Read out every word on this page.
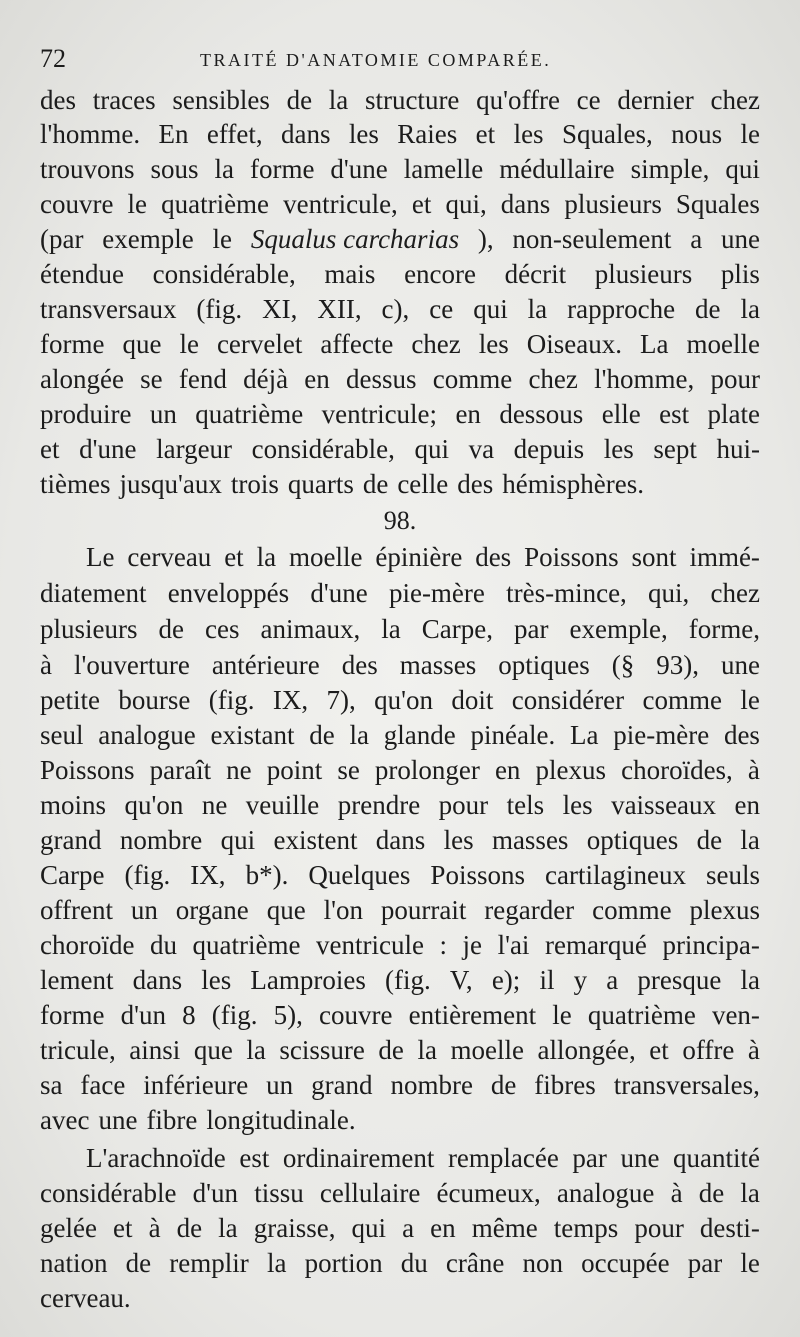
72	TRAITÉ D'ANATOMIE COMPARÉE.
des traces sensibles de la structure qu'offre ce dernier chez
l'homme. En effet, dans les Raies et les Squales, nous le
trouvons sous la forme d'une lamelle médullaire simple, qui
couvre le quatrième ventricule, et qui, dans plusieurs Squales
(par exemple le Squalus carcharias ), non-seulement a une
étendue considérable, mais encore décrit plusieurs plis
transversaux (fig. XI, XII, c), ce qui la rapproche de la
forme que le cervelet affecte chez les Oiseaux. La moelle
alongée se fend déjà en dessus comme chez l'homme, pour
produire un quatrième ventricule; en dessous elle est plate
et d'une largeur considérable, qui va depuis les sept hui-
tièmes jusqu'aux trois quarts de celle des hémisphères.
Le cerveau et la moelle épinière des Poissons sont immé-
diatement enveloppés d'une pie-mère très-mince, qui, chez
plusieurs de ces animaux, la Carpe, par exemple, forme,
à l'ouverture antérieure des masses optiques (§ 93), une
petite bourse (fig. IX, 7), qu'on doit considérer comme le
seul analogue existant de la glande pinéale. La pie-mère des
Poissons paraît ne point se prolonger en plexus choroïdes, à
moins qu'on ne veuille prendre pour tels les vaisseaux en
grand nombre qui existent dans les masses optiques de la
Carpe (fig. IX, b*). Quelques Poissons cartilagineux seuls
offrent un organe que l'on pourrait regarder comme plexus
choroïde du quatrième ventricule : je l'ai remarqué principa-
lement dans les Lamproies (fig. V, e); il y a presque la
forme d'un 8 (fig. 5), couvre entièrement le quatrième ven-
tricule, ainsi que la scissure de la moelle allongée, et offre à
sa face inférieure un grand nombre de fibres transversales,
avec une fibre longitudinale.
L'arachnoïde est ordinairement remplacée par une quantité
considérable d'un tissu cellulaire écumeux, analogue à de la
gelée et à de la graisse, qui a en même temps pour desti-
nation de remplir la portion du crâne non occupée par le
cerveau.
98.
